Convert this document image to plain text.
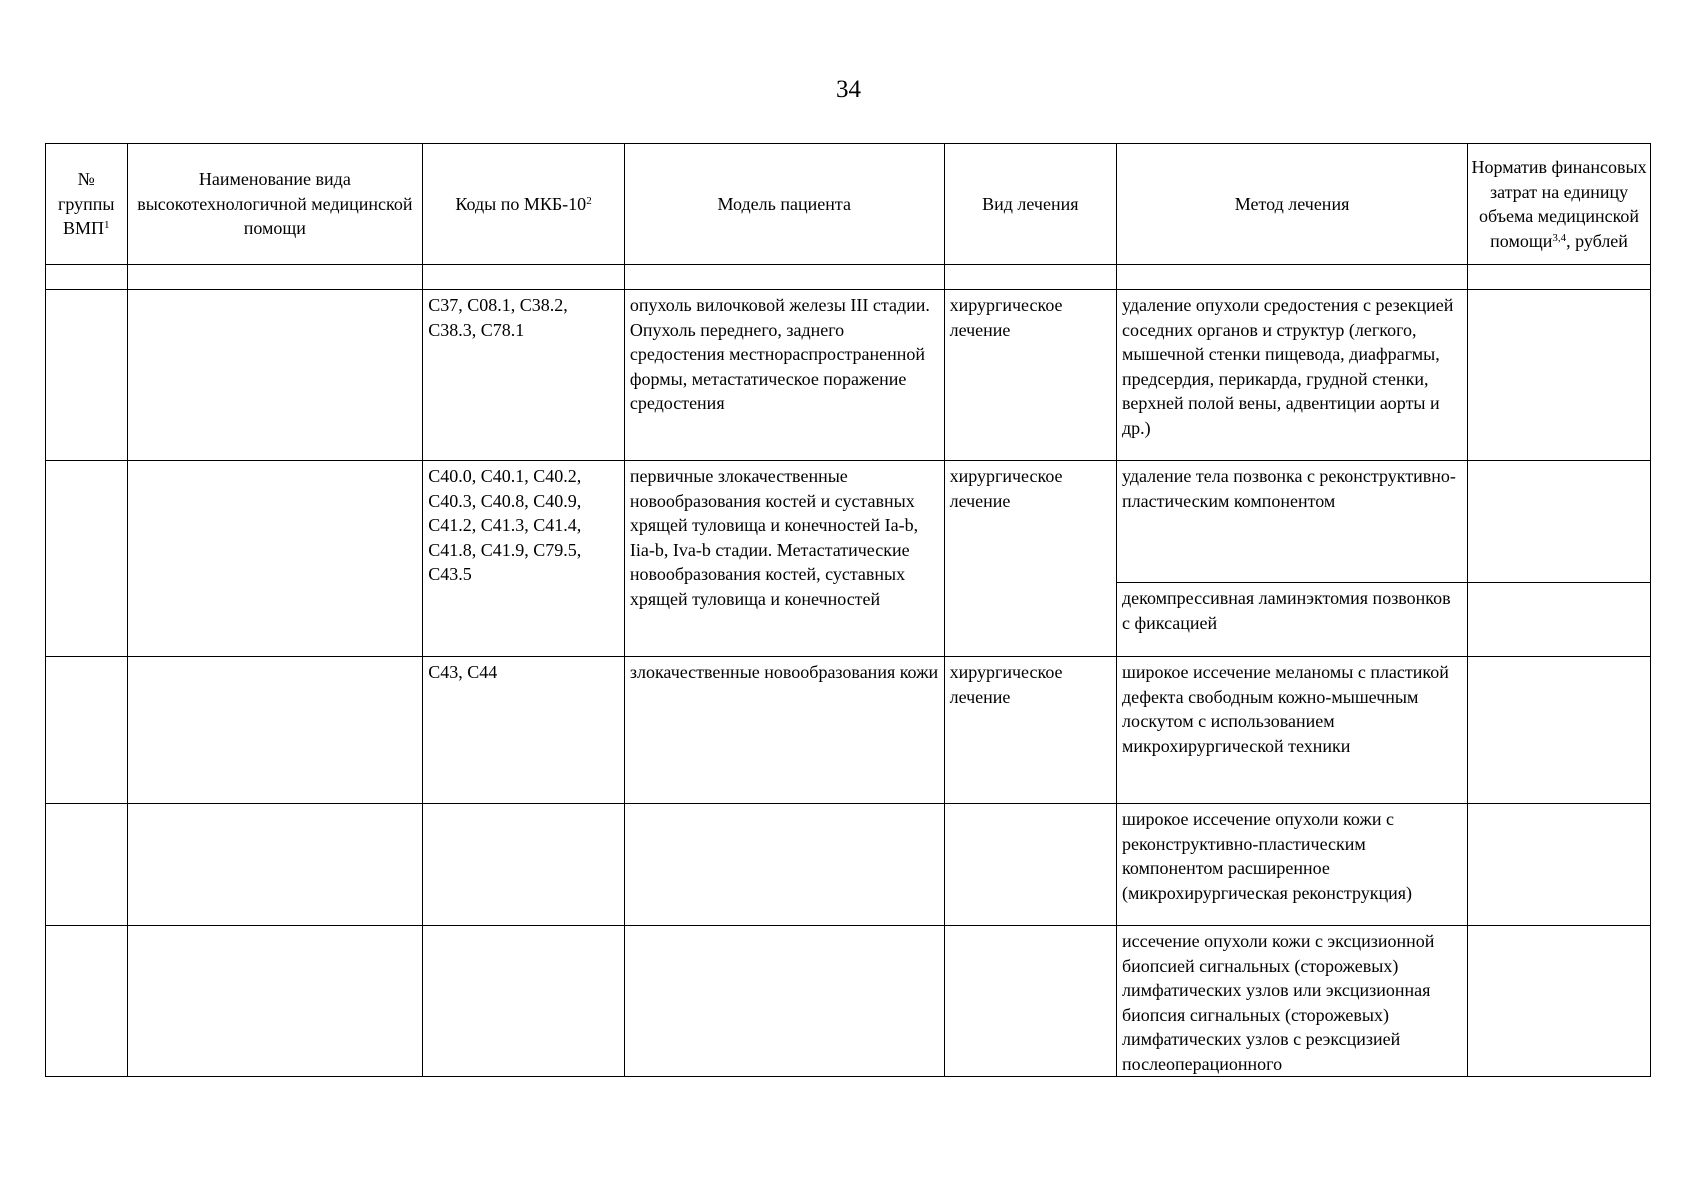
34
№ группы ВМП$^1$	Наименование вида высокотехнологичной медицинской помощи	Коды по МКБ-$10^2$	Модель пациента	Вид лечения	Метод лечения	Норматив финансовых затрат на единицу объема медицинской помощи$^{3,4}$, рублей

		C37, C08.1, C38.2, C38.3, C78.1	опухоль вилочковой железы III стадии. Опухоль переднего, заднего средостения местнораспространенной формы, метастатическое поражение средостения	хирургическое лечение	удаление опухоли средостения с резекцией соседних органов и структур (легкого, мышечной стенки пищевода, диафрагмы, предсердия, перикарда, грудной стенки, верхней полой вены, адвентиции аорты и др.)	
		C40.0, C40.1, C40.2, C40.3, C40.8, C40.9, C41.2, C41.3, C41.4, C41.8, C41.9, C79.5, C43.5	первичные злокачественные новообразования костей и суставных хрящей туловища и конечностей Ia-b, Iia-b, Iva-b стадии. Метастатические новообразования костей, суставных хрящей туловища и конечностей	хирургическое лечение	удаление тела позвонка с реконструктивно-пластическим компонентом	
					декомпрессивная ламинэктомия позвонков с фиксацией	
		C43, C44	злокачественные новообразования кожи	хирургическое лечение	широкое иссечение меланомы с пластикой дефекта свободным кожно-мышечным лоскутом с использованием микрохирургической техники	
					широкое иссечение опухоли кожи с реконструктивно-пластическим компонентом расширенное (микрохирургическая реконструкция)	
					иссечение опухоли кожи с эксцизионной биопсией сигнальных (сторожевых) лимфатических узлов или эксцизионная биопсия сигнальных (сторожевых) лимфатических узлов с реэксцизией послеоперационного	
